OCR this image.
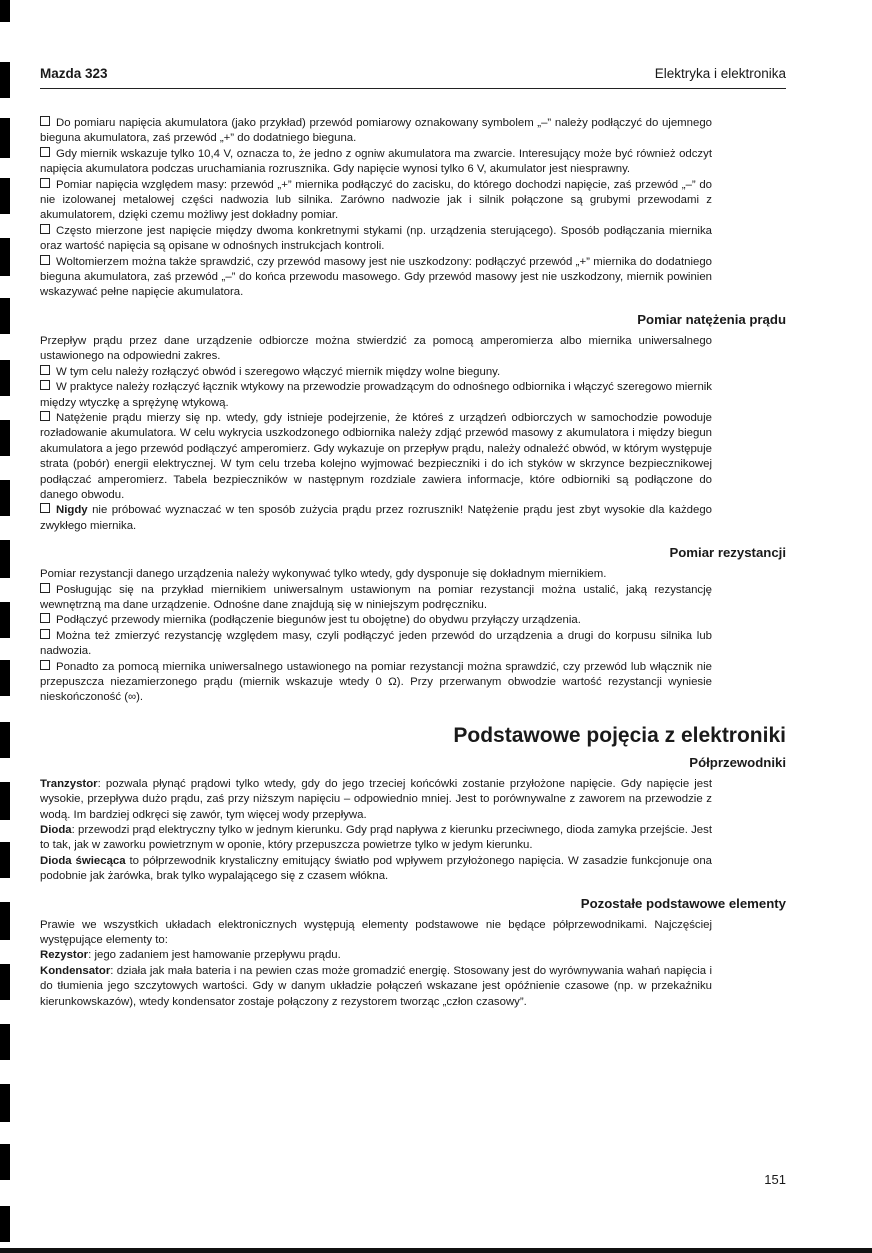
Mazda 323	Elektryka i elektronika

Do pomiaru napięcia akumulatora (jako przykład) przewód pomiarowy oznakowany symbolem „–” należy podłączyć do ujemnego bieguna akumulatora, zaś przewód „+” do dodatniego bieguna.

Gdy miernik wskazuje tylko 10,4 V, oznacza to, że jedno z ogniw akumulatora ma zwarcie. Interesujący może być również odczyt napięcia akumulatora podczas uruchamiania rozrusznika. Gdy napięcie wynosi tylko 6 V, akumulator jest niesprawny.

Pomiar napięcia względem masy: przewód „+” miernika podłączyć do zacisku, do którego dochodzi napięcie, zaś przewód „–” do nie izolowanej metalowej części nadwozia lub silnika. Zarówno nadwozie jak i silnik połączone są grubymi przewodami z akumulatorem, dzięki czemu możliwy jest dokładny pomiar.

Często mierzone jest napięcie między dwoma konkretnymi stykami (np. urządzenia sterującego). Sposób podłączania miernika oraz wartość napięcia są opisane w odnośnych instrukcjach kontroli.

Woltomierzem można także sprawdzić, czy przewód masowy jest nie uszkodzony: podłączyć przewód „+” miernika do dodatniego bieguna akumulatora, zaś przewód „–” do końca przewodu masowego. Gdy przewód masowy jest nie uszkodzony, miernik powinien wskazywać pełne napięcie akumulatora.

Pomiar natężenia prądu

Przepływ prądu przez dane urządzenie odbiorcze można stwierdzić za pomocą amperomierza albo miernika uniwersalnego ustawionego na odpowiedni zakres.

W tym celu należy rozłączyć obwód i szeregowo włączyć miernik między wolne bieguny.

W praktyce należy rozłączyć łącznik wtykowy na przewodzie prowadzącym do odnośnego odbiornika i włączyć szeregowo miernik między wtyczkę a sprężynę wtykową.

Natężenie prądu mierzy się np. wtedy, gdy istnieje podejrzenie, że któreś z urządzeń odbiorczych w samochodzie powoduje rozładowanie akumulatora. W celu wykrycia uszkodzonego odbiornika należy zdjąć przewód masowy z akumulatora i między biegun akumulatora a jego przewód podłączyć amperomierz. Gdy wykazuje on przepływ prądu, należy odnaleźć obwód, w którym występuje strata (pobór) energii elektrycznej. W tym celu trzeba kolejno wyjmować bezpieczniki i do ich styków w skrzynce bezpiecznikowej podłączać amperomierz. Tabela bezpieczników w następnym rozdziale zawiera informacje, które odbiorniki są podłączone do danego obwodu.

Nigdy nie próbować wyznaczać w ten sposób zużycia prądu przez rozrusznik! Natężenie prądu jest zbyt wysokie dla każdego zwykłego miernika.

Pomiar rezystancji

Pomiar rezystancji danego urządzenia należy wykonywać tylko wtedy, gdy dysponuje się dokładnym miernikiem.

Posługując się na przykład miernikiem uniwersalnym ustawionym na pomiar rezystancji można ustalić, jaką rezystancję wewnętrzną ma dane urządzenie. Odnośne dane znajdują się w niniejszym podręczniku.

Podłączyć przewody miernika (podłączenie biegunów jest tu obojętne) do obydwu przyłączy urządzenia.

Można też zmierzyć rezystancję względem masy, czyli podłączyć jeden przewód do urządzenia a drugi do korpusu silnika lub nadwozia.

Ponadto za pomocą miernika uniwersalnego ustawionego na pomiar rezystancji można sprawdzić, czy przewód lub włącznik nie przepuszcza niezamierzonego prądu (miernik wskazuje wtedy 0 Ω). Przy przerwanym obwodzie wartość rezystancji wyniesie nieskończoność (∞).

Podstawowe pojęcia z elektroniki
Półprzewodniki

Tranzystor: pozwala płynąć prądowi tylko wtedy, gdy do jego trzeciej końcówki zostanie przyłożone napięcie. Gdy napięcie jest wysokie, przepływa dużo prądu, zaś przy niższym napięciu – odpowiednio mniej. Jest to porównywalne z zaworem na przewodzie z wodą. Im bardziej odkręci się zawór, tym więcej wody przepływa.

Dioda: przewodzi prąd elektryczny tylko w jednym kierunku. Gdy prąd napływa z kierunku przeciwnego, dioda zamyka przejście. Jest to tak, jak w zaworku powietrznym w oponie, który przepuszcza powietrze tylko w jedym kierunku.

Dioda świecąca to półprzewodnik krystaliczny emitujący światło pod wpływem przyłożonego napięcia. W zasadzie funkcjonuje ona podobnie jak żarówka, brak tylko wypalającego się z czasem włókna.

Pozostałe podstawowe elementy

Prawie we wszystkich układach elektronicznych występują elementy podstawowe nie będące półprzewodnikami. Najczęściej występujące elementy to:

Rezystor: jego zadaniem jest hamowanie przepływu prądu.

Kondensator: działa jak mała bateria i na pewien czas może gromadzić energię. Stosowany jest do wyrównywania wahań napięcia i do tłumienia jego szczytowych wartości. Gdy w danym układzie połączeń wskazane jest opóźnienie czasowe (np. w przekaźniku kierunkowskazów), wtedy kondensator zostaje połączony z rezystorem tworząc „człon czasowy”.

151
